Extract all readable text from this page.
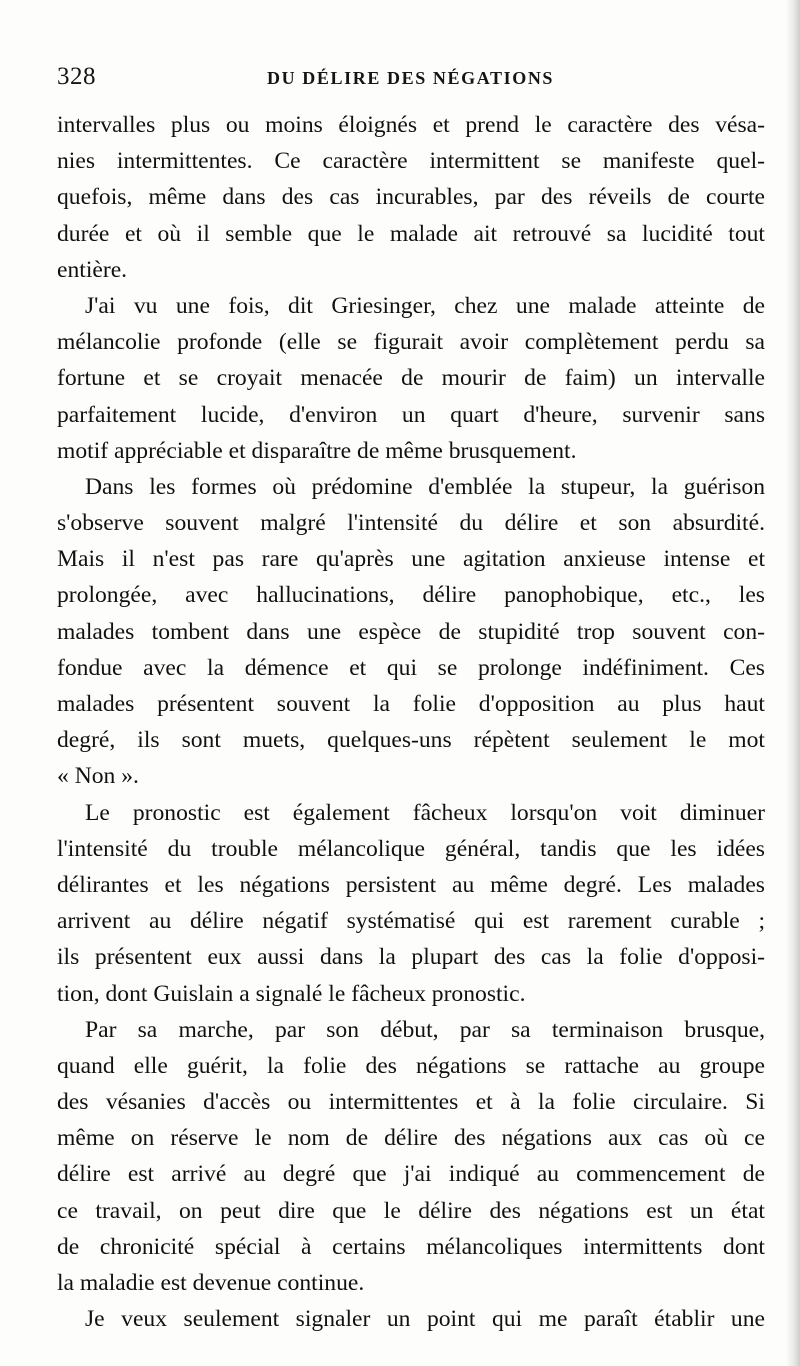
328	DU DÉLIRE DES NÉGATIONS
intervalles plus ou moins éloignés et prend le caractère des vésa-
nies intermittentes. Ce caractère intermittent se manifeste quel-
quefois, même dans des cas incurables, par des réveils de courte
durée et où il semble que le malade ait retrouvé sa lucidité tout
entière.
J'ai vu une fois, dit Griesinger, chez une malade atteinte de
mélancolie profonde (elle se figurait avoir complètement perdu sa
fortune et se croyait menacée de mourir de faim) un intervalle
parfaitement lucide, d'environ un quart d'heure, survenir sans
motif appréciable et disparaître de même brusquement.
Dans les formes où prédomine d'emblée la stupeur, la guérison
s'observe souvent malgré l'intensité du délire et son absurdité.
Mais il n'est pas rare qu'après une agitation anxieuse intense et
prolongée, avec hallucinations, délire panophobique, etc., les
malades tombent dans une espèce de stupidité trop souvent con-
fondue avec la démence et qui se prolonge indéfiniment. Ces
malades présentent souvent la folie d'opposition au plus haut
degré, ils sont muets, quelques-uns répètent seulement le mot
« Non ».
Le pronostic est également fâcheux lorsqu'on voit diminuer
l'intensité du trouble mélancolique général, tandis que les idées
délirantes et les négations persistent au même degré. Les malades
arrivent au délire négatif systématisé qui est rarement curable ;
ils présentent eux aussi dans la plupart des cas la folie d'opposi-
tion, dont Guislain a signalé le fâcheux pronostic.
Par sa marche, par son début, par sa terminaison brusque,
quand elle guérit, la folie des négations se rattache au groupe
des vésanies d'accès ou intermittentes et à la folie circulaire. Si
même on réserve le nom de délire des négations aux cas où ce
délire est arrivé au degré que j'ai indiqué au commencement de
ce travail, on peut dire que le délire des négations est un état
de chronicité spécial à certains mélancoliques intermittents dont
la maladie est devenue continue.
Je veux seulement signaler un point qui me paraît établir une
